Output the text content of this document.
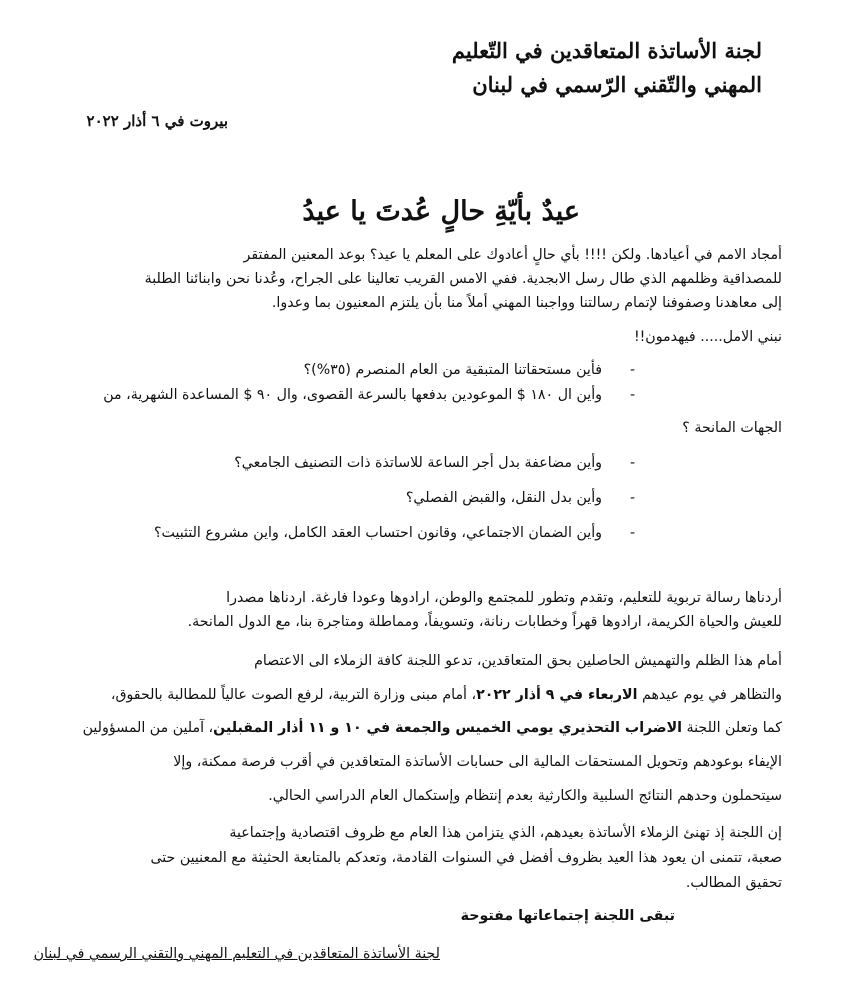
لجنة الأساتذة المتعاقدين في التّعليم
المهني والتّقني الرّسمي في لبنان
بيروت في ٦ أذار ٢٠٢٢
عيدٌ بأيّةِ حالٍ عُدتَ يا عيدُ
أمجاد الامم في أعيادها. ولكن !!!! بأي حالٍ أعادوك على المعلم يا عيد؟ بوعد المعنين المفتقر
للمصداقية وظلمهم الذي طال رسل الابجدية. ففي الامس القريب تعالينا على الجراح، وعُدنا نحن وابنائنا الطلبة
إلى معاهدنا وصفوفنا لإتمام رسالتنا وواجبنا المهني أملاً منا بأن يلتزم المعنيون بما وعدوا.
نبني الامل..... فيهدمون!!
-
فأين مستحقاتنا المتبقية من العام المنصرم (٣٥%)؟
-
وأين ال ١٨٠ $ الموعودين بدفعها بالسرعة القصوى، وال ٩٠ $ المساعدة الشهرية، من
الجهات المانحة ؟
-
وأين مضاعفة بدل أجر الساعة للاساتذة ذات التصنيف الجامعي؟
-
وأين بدل النقل، والقبض الفصلي؟
-
وأين الضمان الاجتماعي، وقانون احتساب العقد الكامل، واين مشروع التثبيت؟
أردناها رسالة تربوية للتعليم، وتقدم وتطور للمجتمع والوطن، ارادوها وعودا فارغة. اردناها مصدرا
للعيش والحياة الكريمة، ارادوها قهراً وخطابات رنانة، وتسويفاً، ومماطلة ومتاجرة بنا، مع الدول المانحة.
أمام هذا الظلم والتهميش الحاصلين بحق المتعاقدين، تدعو اللجنة كافة الزملاء الى الاعتصام
والتظاهر في يوم عيدهم الاربعاء في ٩ أذار ٢٠٢٢، أمام مبنى وزارة التربية، لرفع الصوت عالياً للمطالبة بالحقوق،
كما وتعلن اللجنة الاضراب التحذيري يومي الخميس والجمعة في ١٠ و ١١ أذار المقبلين، آملين من المسؤولين
الإيفاء بوعودهم وتحويل المستحقات المالية الى حسابات الأساتذة المتعاقدين في أقرب فرصة ممكنة، وإلا
سيتحملون وحدهم النتائج السلبية والكارثية بعدم إنتظام وإستكمال العام الدراسي الحالي.
إن اللجنة إذ تهنئ الزملاء الأساتذة بعيدهم، الذي يتزامن هذا العام مع ظروف اقتصادية وإجتماعية
صعبة، تتمنى ان يعود هذا العيد بظروف أفضل في السنوات القادمة، وتعدكم بالمتابعة الحثيثة مع المعنيين حتى
تحقيق المطالب.
تبقى اللجنة إجتماعاتها مفتوحة
لجنة الأساتذة المتعاقدين في التعليم المهني والتقني الرسمي في لبنان
